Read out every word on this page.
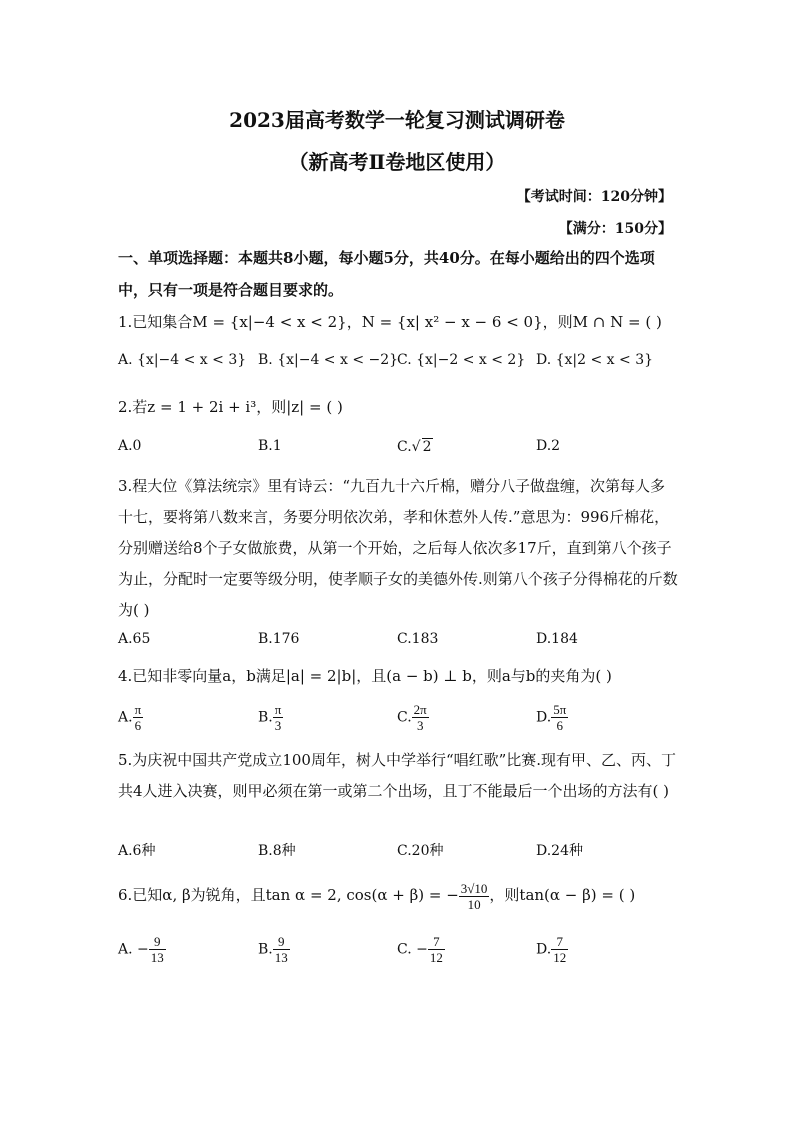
2023届高考数学一轮复习测试调研卷
（新高考Ⅱ卷地区使用）
【考试时间：120分钟】
【满分：150分】
一、单项选择题：本题共8小题，每小题5分，共40分。在每小题给出的四个选项中，只有一项是符合题目要求的。
1.已知集合M = {x|−4 < x < 2}，N = {x| x² − x − 6 < 0}，则M ∩ N = ( )
A. {x|−4 < x < 3} B. {x|−4 < x < −2}
C. {x|−2 < x < 2} D. {x|2 < x < 3}
2.若z = 1 + 2i + i³，则|z| = ( )
A.0	B.1	C.√ 2	D.2
3.程大位《算法统宗》里有诗云：“九百九十六斤棉，赠分八子做盘缠，次第每人多十七，要将第八数来言，务要分明依次弟，孝和休惹外人传.”意思为：996斤棉花，分别赠送给8个子女做旅费，从第一个开始，之后每人依次多17斤，直到第八个孩子为止，分配时一定要等级分明，使孝顺子女的美德外传.则第八个孩子分得棉花的斤数为( )
A.65	B.176	C.183	D.184
4.已知非零向量a，b满足|a| = 2|b|，且(a − b) ⊥ b，则a与b的夹角为( )
A. $\frac{\pi}{6}$	B. $\frac{\pi}{3}$	C. $\frac{2\pi}{3}$	D. $\frac{5\pi}{6}$
5.为庆祝中国共产党成立100周年，树人中学举行“唱红歌”比赛.现有甲、乙、丙、丁共4人进入决赛，则甲必须在第一或第二个出场，且丁不能最后一个出场的方法有( )
A.6种	B.8种	C.20种	D.24种
6.已知α, β为锐角，且tan α = 2, cos(α + β) = − $\frac{3√10}{10}$ ，则tan(α − β) = ( )
A. − $\frac{9}{13}$	B. $\frac{9}{13}$	C. − $\frac{7}{12}$	D. $\frac{7}{12}$
